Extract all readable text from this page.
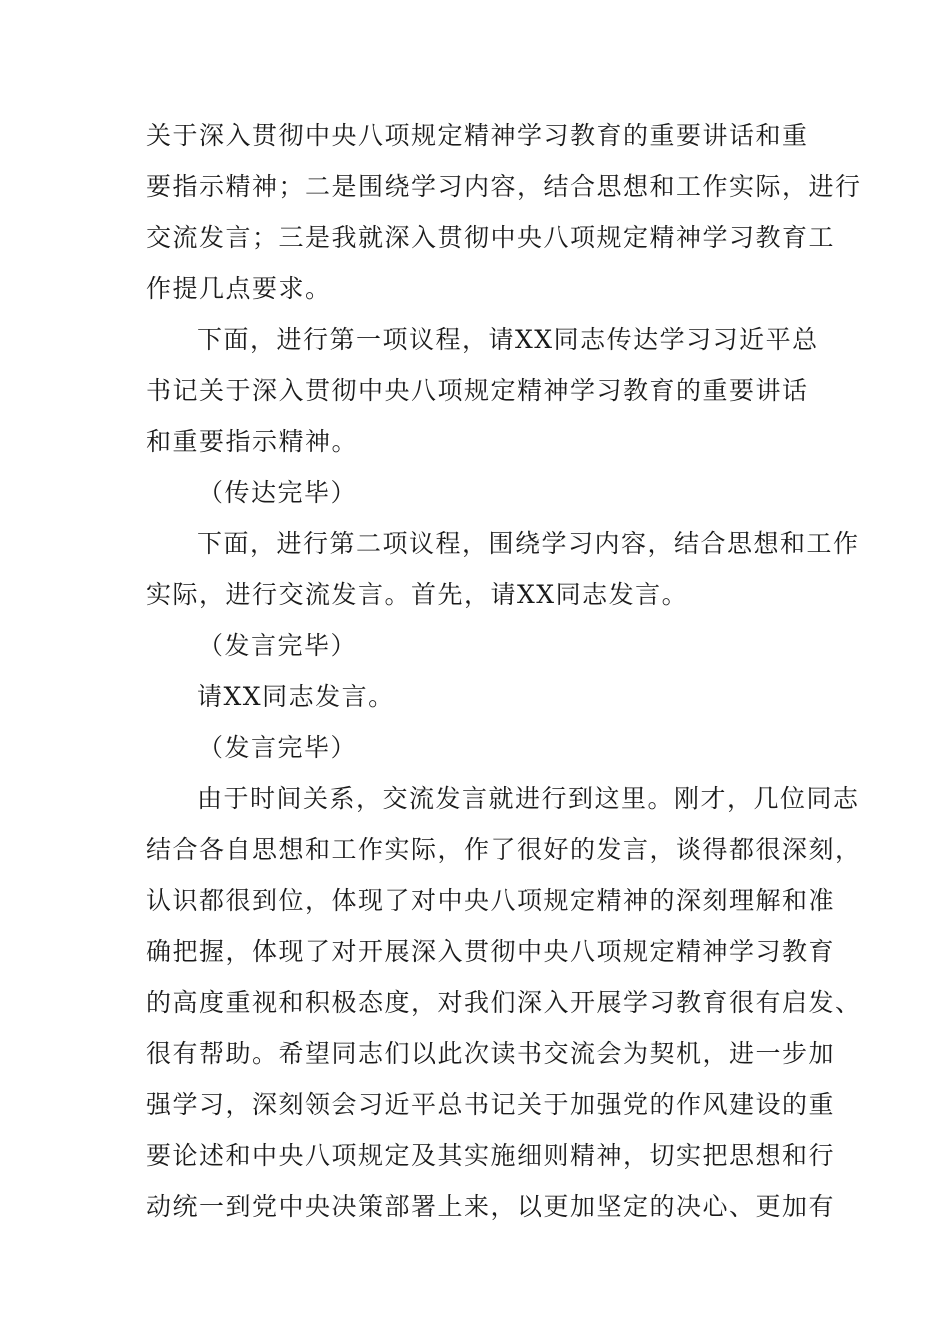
关于深入贯彻中央八项规定精神学习教育的重要讲话和重
要指示精神；二是围绕学习内容，结合思想和工作实际，进行
交流发言；三是我就深入贯彻中央八项规定精神学习教育工
作提几点要求。
下面，进行第一项议程，请XX同志传达学习习近平总
书记关于深入贯彻中央八项规定精神学习教育的重要讲话
和重要指示精神。
（传达完毕）
下面，进行第二项议程，围绕学习内容，结合思想和工作
实际，进行交流发言。首先，请XX同志发言。
（发言完毕）
请XX同志发言。
（发言完毕）
由于时间关系，交流发言就进行到这里。刚才，几位同志
结合各自思想和工作实际，作了很好的发言，谈得都很深刻，
认识都很到位，体现了对中央八项规定精神的深刻理解和准
确把握，体现了对开展深入贯彻中央八项规定精神学习教育
的高度重视和积极态度，对我们深入开展学习教育很有启发、
很有帮助。希望同志们以此次读书交流会为契机，进一步加
强学习，深刻领会习近平总书记关于加强党的作风建设的重
要论述和中央八项规定及其实施细则精神，切实把思想和行
动统一到党中央决策部署上来，以更加坚定的决心、更加有
